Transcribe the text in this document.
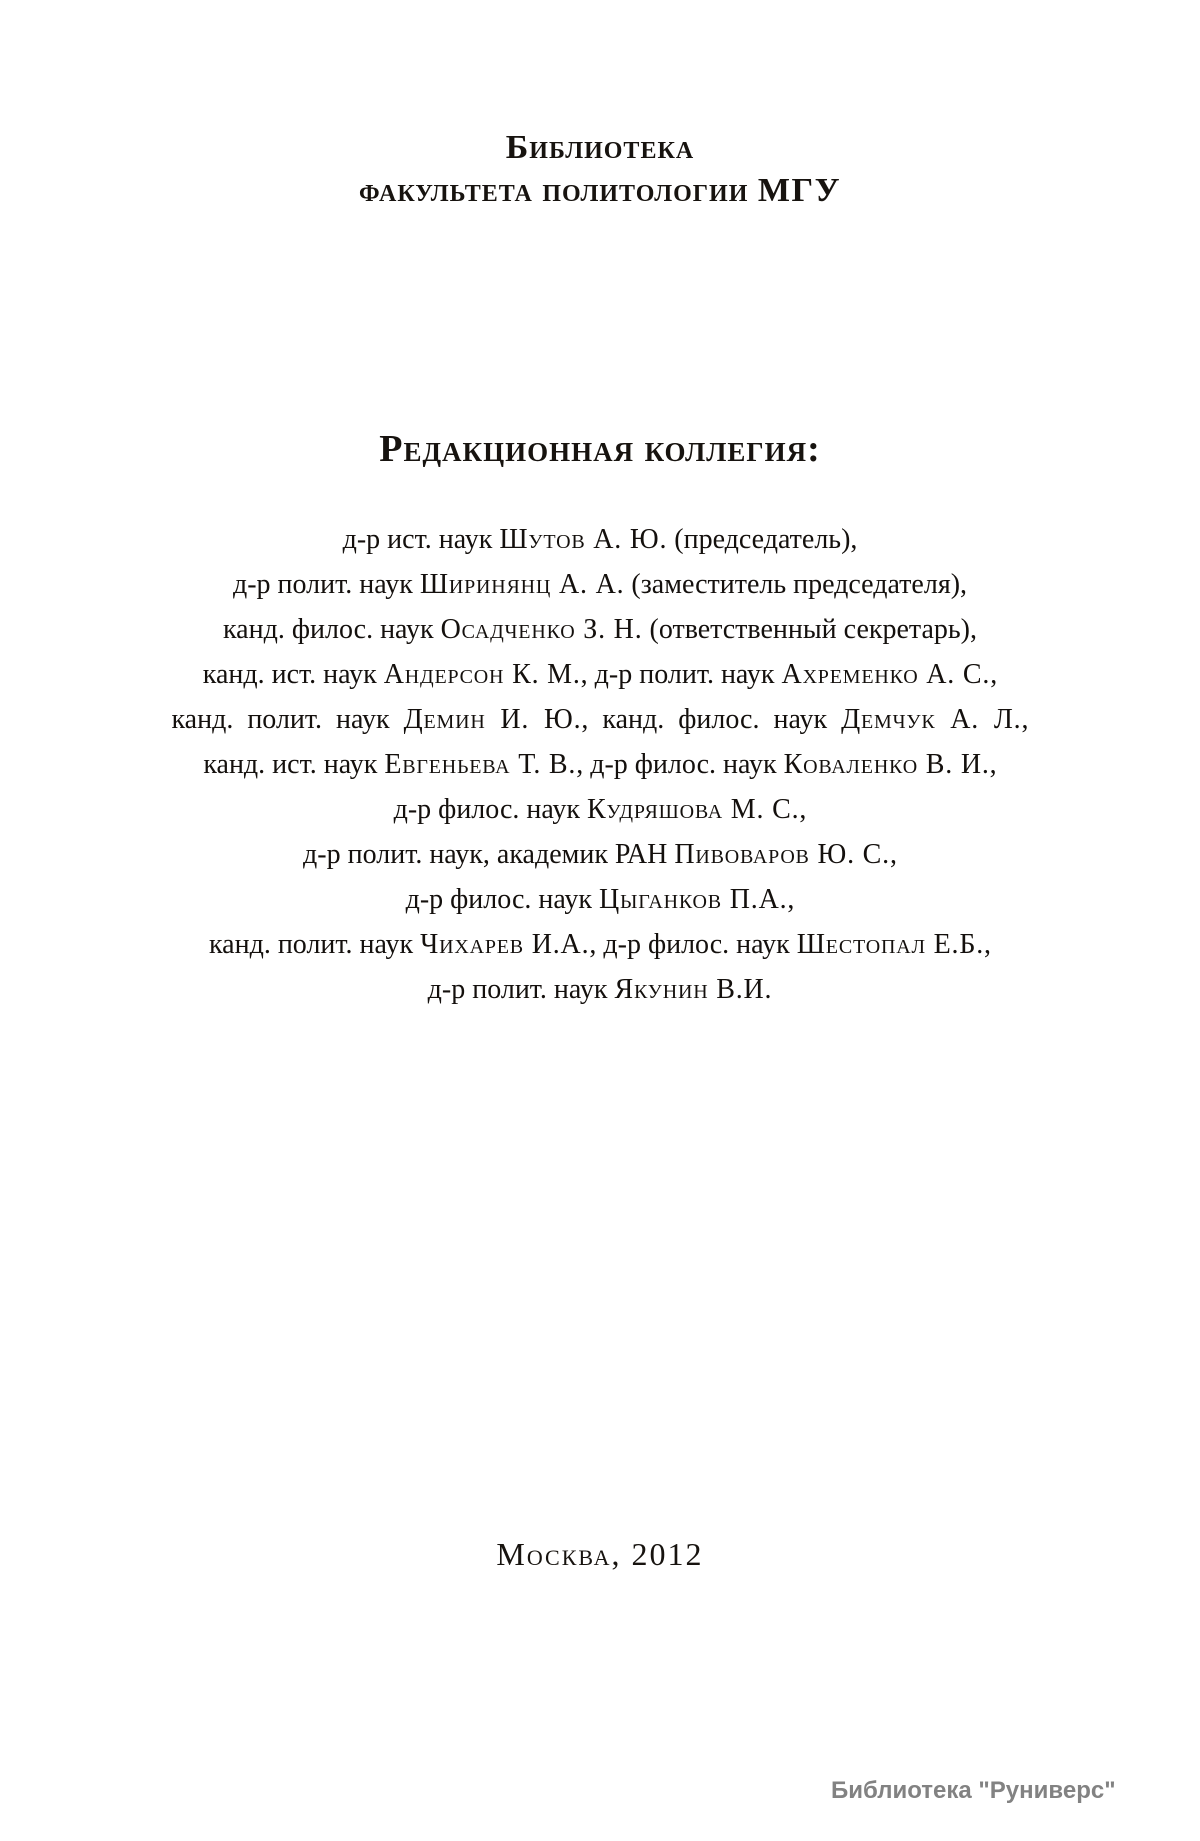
Библиотека
факультета политологии МГУ
Редакционная коллегия:
д-р ист. наук Шутов А. Ю. (председатель),
д-р полит. наук Ширинянц А. А. (заместитель председателя),
канд. филос. наук Осадченко З. Н. (ответственный секретарь),
канд. ист. наук Андерсон К. М., д-р полит. наук Ахременко А. С.,
канд. полит. наук Демин И. Ю., канд. филос. наук Демчук А. Л.,
канд. ист. наук Евгеньева Т. В., д-р филос. наук Коваленко В. И.,
д-р филос. наук Кудряшова М. С.,
д-р полит. наук, академик РАН Пивоваров Ю. С.,
д-р филос. наук Цыганков П.А.,
канд. полит. наук Чихарев И.А., д-р филос. наук Шестопал Е.Б.,
д-р полит. наук Якунин В.И.
Москва, 2012
Библиотека "Руниверс"
